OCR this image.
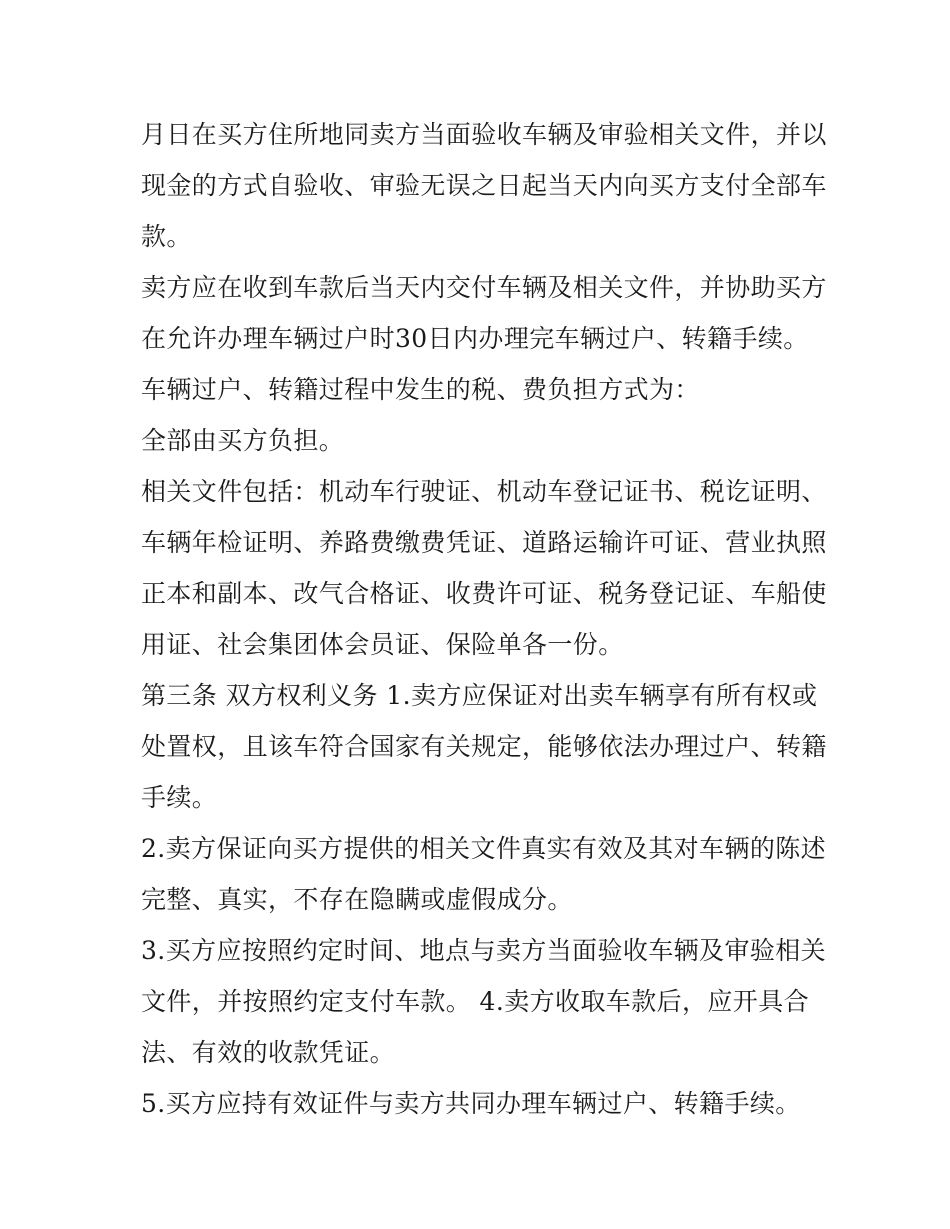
月日在买方住所地同卖方当面验收车辆及审验相关文件，并以
现金的方式自验收、审验无误之日起当天内向买方支付全部车
款。
卖方应在收到车款后当天内交付车辆及相关文件，并协助买方
在允许办理车辆过户时30日内办理完车辆过户、转籍手续。
车辆过户、转籍过程中发生的税、费负担方式为：
全部由买方负担。
相关文件包括：机动车行驶证、机动车登记证书、税讫证明、
车辆年检证明、养路费缴费凭证、道路运输许可证、营业执照
正本和副本、改气合格证、收费许可证、税务登记证、车船使
用证、社会集团体会员证、保险单各一份。
第三条 双方权利义务 1.卖方应保证对出卖车辆享有所有权或
处置权，且该车符合国家有关规定，能够依法办理过户、转籍
手续。
2.卖方保证向买方提供的相关文件真实有效及其对车辆的陈述
完整、真实，不存在隐瞒或虚假成分。
3.买方应按照约定时间、地点与卖方当面验收车辆及审验相关
文件，并按照约定支付车款。 4.卖方收取车款后，应开具合
法、有效的收款凭证。
5.买方应持有效证件与卖方共同办理车辆过户、转籍手续。
